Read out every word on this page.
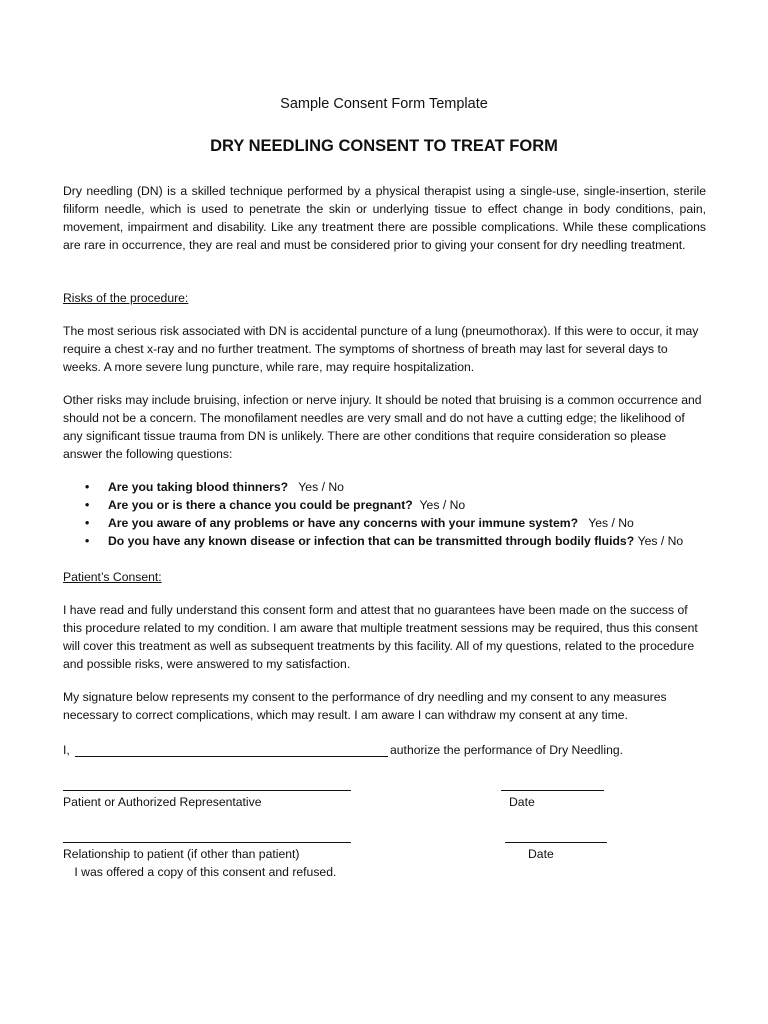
Sample Consent Form Template
DRY NEEDLING CONSENT TO TREAT FORM

Dry needling (DN) is a skilled technique performed by a physical therapist using a single-use, single-insertion, sterile filiform needle, which is used to penetrate the skin or underlying tissue to effect change in body conditions, pain, movement, impairment and disability. Like any treatment there are possible complications. While these complications are rare in occurrence, they are real and must be considered prior to giving your consent for dry needling treatment.

Risks of the procedure:

The most serious risk associated with DN is accidental puncture of a lung (pneumothorax). If this were to occur, it may require a chest x-ray and no further treatment. The symptoms of shortness of breath may last for several days to weeks. A more severe lung puncture, while rare, may require hospitalization.

Other risks may include bruising, infection or nerve injury. It should be noted that bruising is a common occurrence and should not be a concern. The monofilament needles are very small and do not have a cutting edge; the likelihood of any significant tissue trauma from DN is unlikely. There are other conditions that require consideration so please answer the following questions:

• Are you taking blood thinners? Yes / No
• Are you or is there a chance you could be pregnant? Yes / No
• Are you aware of any problems or have any concerns with your immune system? Yes / No
• Do you have any known disease or infection that can be transmitted through bodily fluids? Yes / No

Patient’s Consent:

I have read and fully understand this consent form and attest that no guarantees have been made on the success of this procedure related to my condition. I am aware that multiple treatment sessions may be required, thus this consent will cover this treatment as well as subsequent treatments by this facility. All of my questions, related to the procedure and possible risks, were answered to my satisfaction.

My signature below represents my consent to the performance of dry needling and my consent to any measures necessary to correct complications, which may result. I am aware I can withdraw my consent at any time.

I,	authorize the performance of Dry Needling.
Patient or Authorized Representative	Date
Relationship to patient (if other than patient)	Date
I was offered a copy of this consent and refused.
